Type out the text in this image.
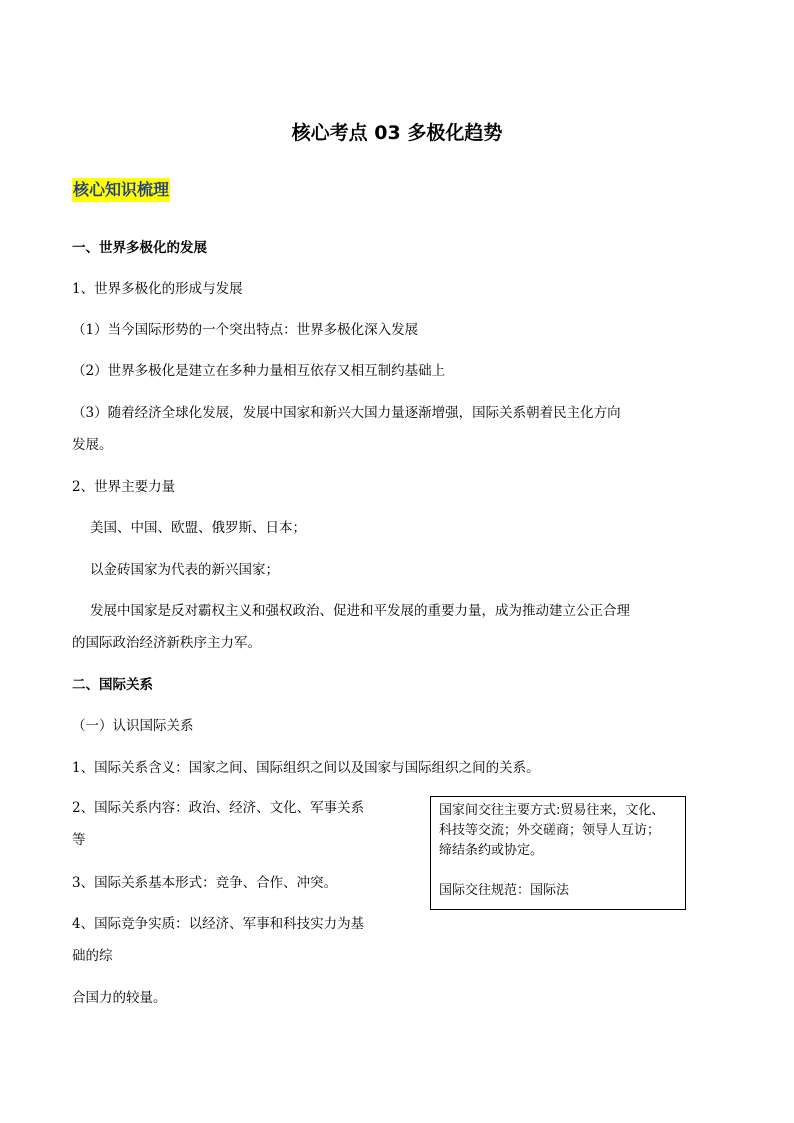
核心考点 03 多极化趋势
核心知识梳理
一、世界多极化的发展
1、世界多极化的形成与发展
（1）当今国际形势的一个突出特点：世界多极化深入发展
（2）世界多极化是建立在多种力量相互依存又相互制约基础上
（3）随着经济全球化发展，发展中国家和新兴大国力量逐渐增强，国际关系朝着民主化方向
发展。
2、世界主要力量
美国、中国、欧盟、俄罗斯、日本；
以金砖国家为代表的新兴国家；
发展中国家是反对霸权主义和强权政治、促进和平发展的重要力量，成为推动建立公正合理
的国际政治经济新秩序主力军。
二、国际关系
（一）认识国际关系
1、国际关系含义：国家之间、国际组织之间以及国家与国际组织之间的关系。
2、国际关系内容：政治、经济、文化、军事关系
等
3、国际关系基本形式：竞争、合作、冲突。
4、国际竞争实质：以经济、军事和科技实力为基
础的综
合国力的较量。
国家间交往主要方式:贸易往来，文化、
科技等交流；外交磋商；领导人互访；
缔结条约或协定。
国际交往规范：国际法
